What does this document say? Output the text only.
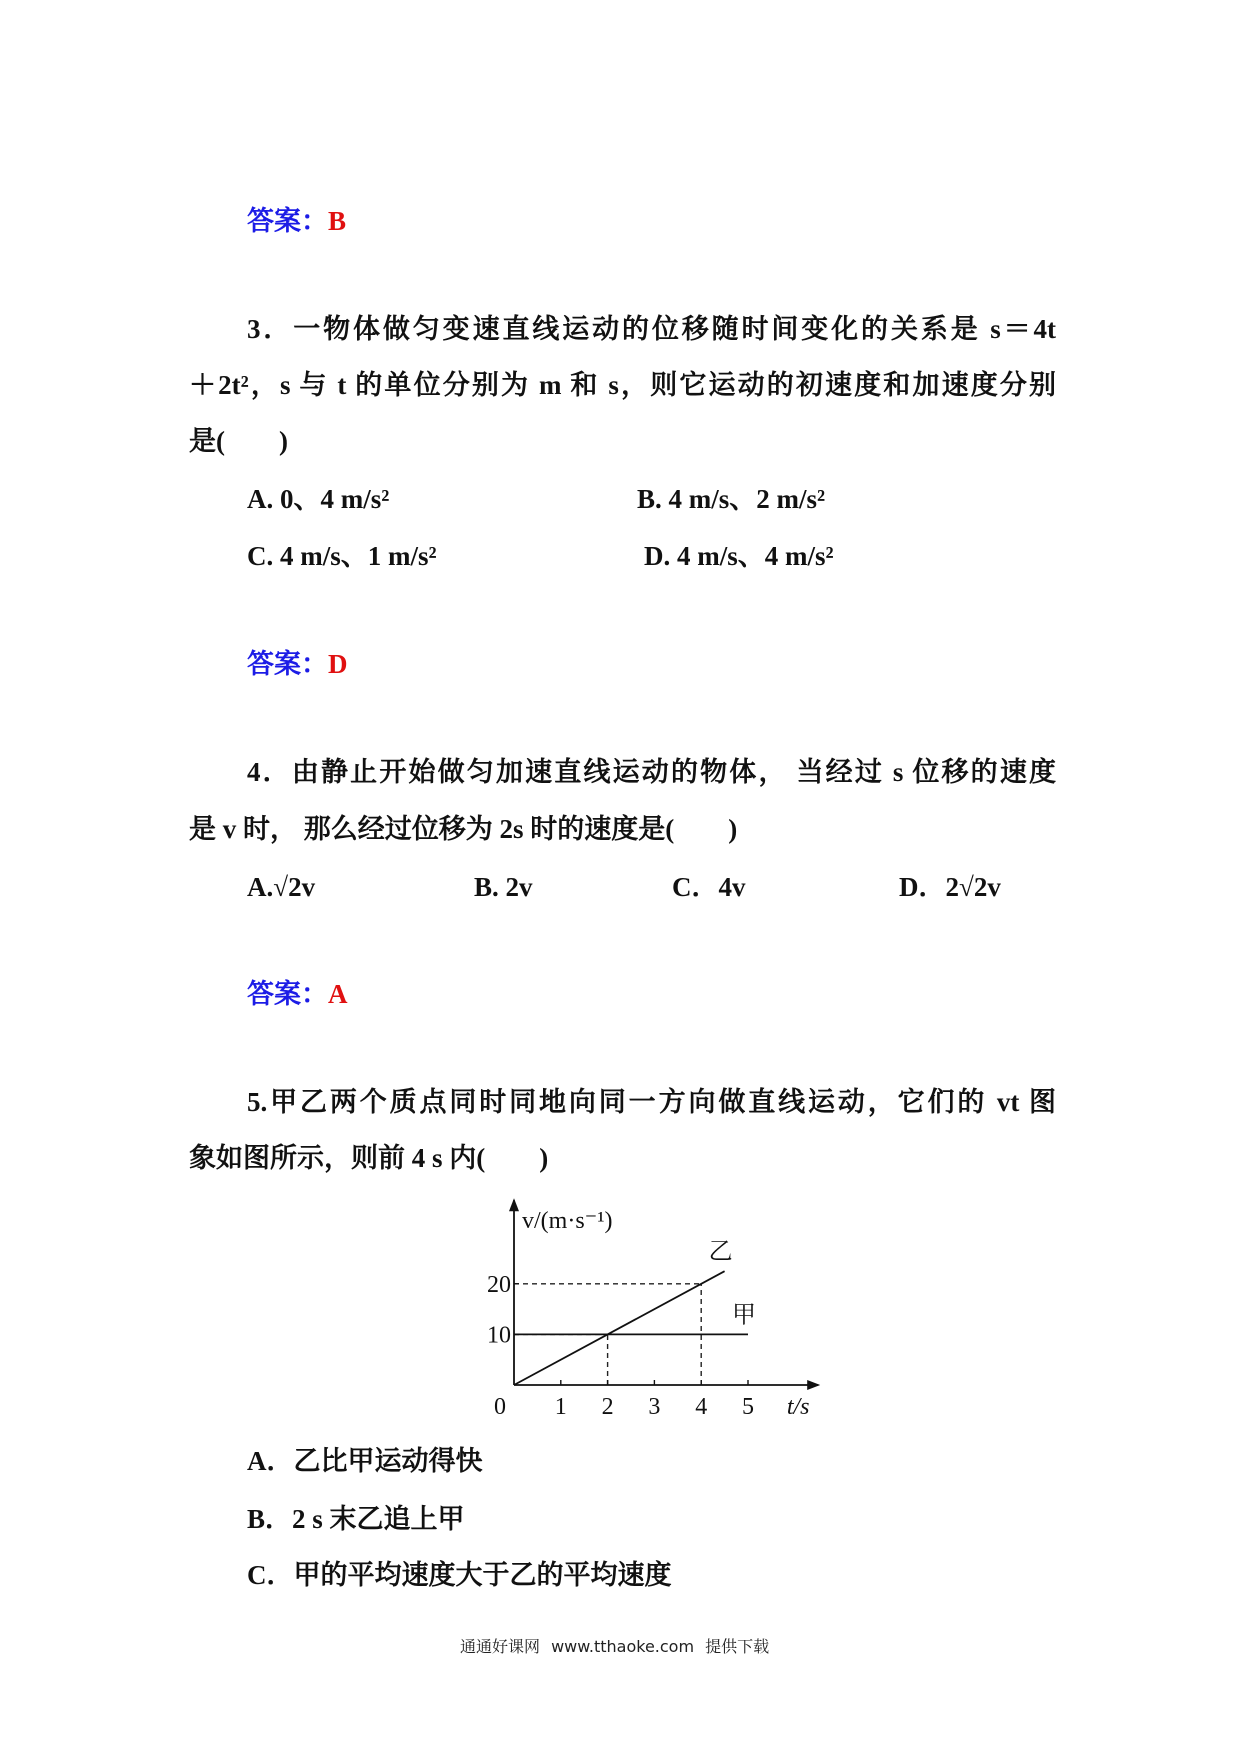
答案：B
3．一物体做匀变速直线运动的位移随时间变化的关系是 s＝4t
＋2t²，s 与 t 的单位分别为 m 和 s，则它运动的初速度和加速度分别
是(　　)
A. 0、4 m/s²	B. 4 m/s、2 m/s²
C. 4 m/s、1 m/s²	D. 4 m/s、4 m/s²
答案：D
4．由静止开始做匀加速直线运动的物体， 当经过 s 位移的速度
是 v 时， 那么经过位移为 2s 时的速度是(　　)
A.√2v	B. 2v	C．4v	D．2√2v
答案：A
5.甲乙两个质点同时同地向同一方向做直线运动，它们的 vt 图
象如图所示，则前 4 s 内(　　)
0 1 2 3 4 5
10
20
v/(m·s⁻¹)
t/s
乙
甲
A．乙比甲运动得快
B．2 s 末乙追上甲
C．甲的平均速度大于乙的平均速度
通通好课网 www.tthaoke.com 提供下载
